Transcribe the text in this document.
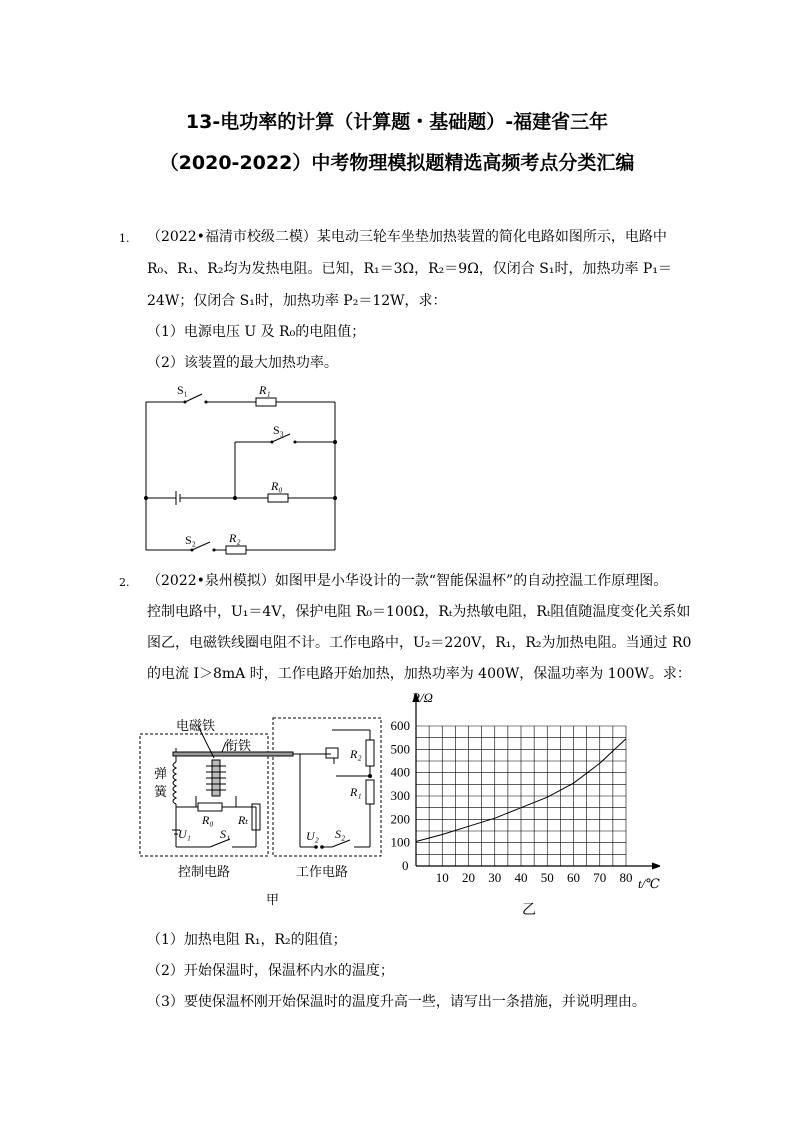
13-电功率的计算（计算题・基础题）-福建省三年
（2020-2022）中考物理模拟题精选高频考点分类汇编
1. （2022•福清市校级二模）某电动三轮车坐垫加热装置的简化电路如图所示，电路中
R₀、R₁、R₂均为发热电阻。已知，R₁＝3Ω，R₂＝9Ω，仅闭合 S₁时，加热功率 P₁＝
24W；仅闭合 S₁时，加热功率 P₂＝12W，求：
（1）电源电压 U 及 R₀的电阻值；
（2）该装置的最大加热功率。
S₁	R₁
S₃
R₀
S₂	R₂
2. （2022•泉州模拟）如图甲是小华设计的一款“智能保温杯”的自动控温工作原理图。
控制电路中，U₁＝4V，保护电阻 R₀＝100Ω，Rₜ为热敏电阻，Rₜ阻值随温度变化关系如
图乙，电磁铁线圈电阻不计。工作电路中，U₂＝220V，R₁，R₂为加热电阻。当通过 R0
的电流 I＞8mA 时，工作电路开始加热，加热功率为 400W，保温功率为 100W。求：
电磁铁
衔铁
弹
簧
控制电路	工作电路
甲
R₀ Rₜ
U₁ S₁	U₂ S₂
R₂
R₁
10 20 30 40 50 60 70 80
100
200
300
400
500
600
R/Ω
t/℃
0
乙
（1）加热电阻 R₁，R₂的阻值；
（2）开始保温时，保温杯内水的温度；
（3）要使保温杯刚开始保温时的温度升高一些，请写出一条措施，并说明理由。
